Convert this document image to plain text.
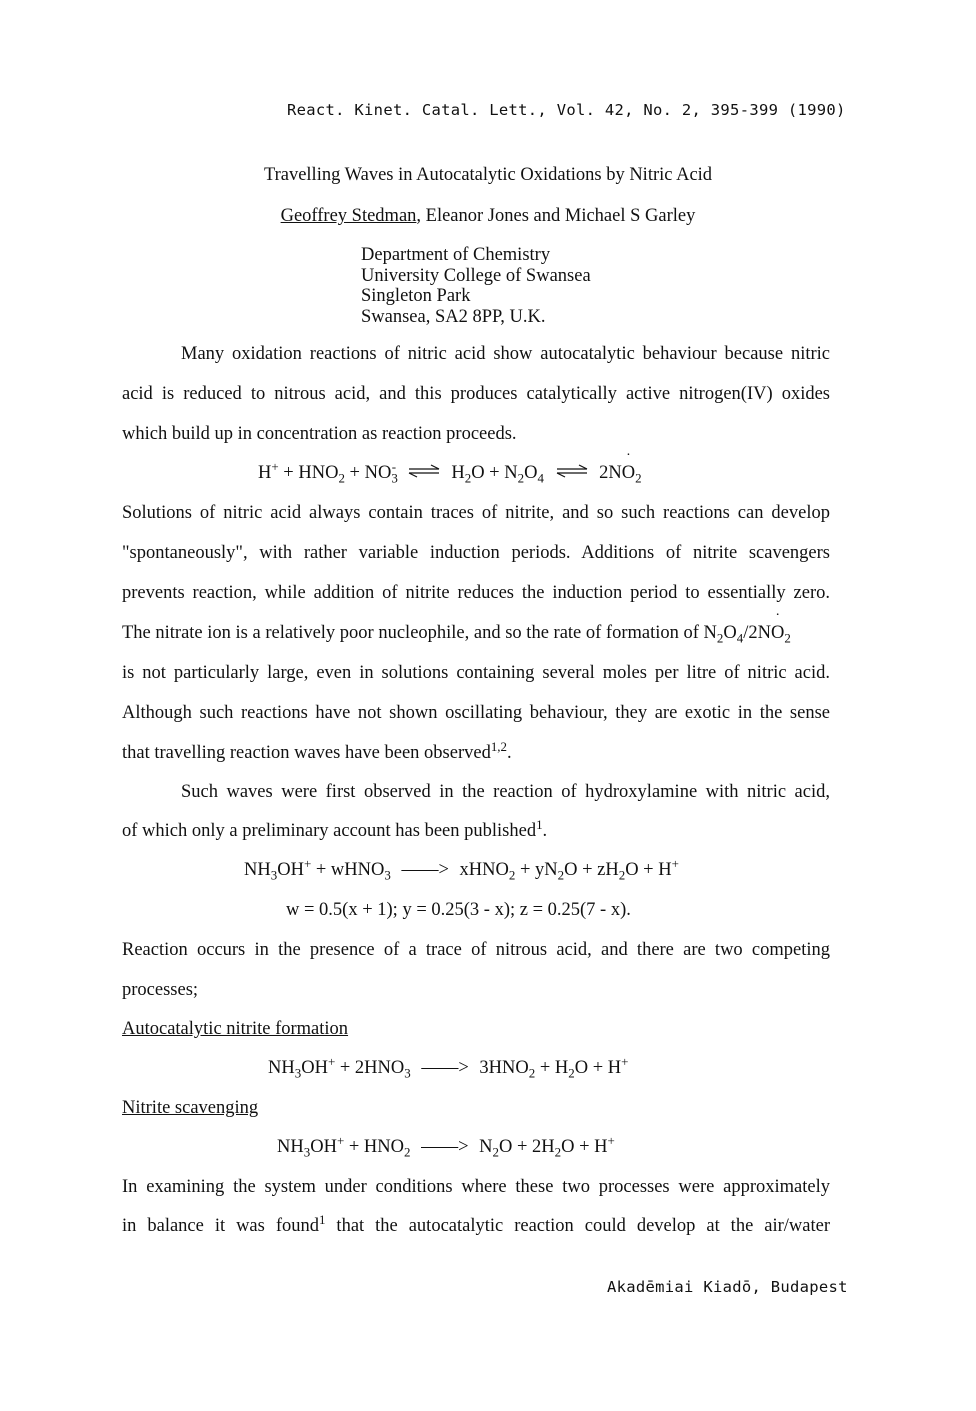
React. Kinet. Catal. Lett., Vol. 42, No. 2, 395-399 (1990)
Travelling Waves in Autocatalytic Oxidations by Nitric Acid
Geoffrey Stedman, Eleanor Jones and Michael S Garley
Department of Chemistry
University College of Swansea
Singleton Park
Swansea, SA2 8PP, U.K.
Many oxidation reactions of nitric acid show autocatalytic behaviour because nitric
acid is reduced to nitrous acid, and this produces catalytically active nitrogen(IV) oxides
which build up in concentration as reaction proceeds.
$H^+ + HNO_2 + NO_3^-$ ⇌ $H_2O + N_2O_4$ ⇌ 2NO $˙_2$
Solutions of nitric acid always contain traces of nitrite, and so such reactions can develop
"spontaneously", with rather variable induction periods. Additions of nitrite scavengers
prevents reaction, while addition of nitrite reduces the induction period to essentially zero.
The nitrate ion is a relatively poor nucleophile, and so the rate of formation of $N_2O_4/2NO$ $˙_2$
is not particularly large, even in solutions containing several moles per litre of nitric acid.
Although such reactions have not shown oscillating behaviour, they are exotic in the sense
that travelling reaction waves have been observed$^{1,2}$.
Such waves were first observed in the reaction of hydroxylamine with nitric acid,
of which only a preliminary account has been published$^1$.
$NH_3OH^+$ + wHNO$_3$ ——> xHNO$_2$ + $yN_2O + zH_2O + H^+$
w = 0.5(x + 1); y = 0.25(3 - x); z = 0.25(7 - x).
Reaction occurs in the presence of a trace of nitrous acid, and there are two competing
processes;
Autocatalytic nitrite formation
$NH_3OH^+ + 2HNO_3$ ——> $3HNO_2 + H_2O + H^+$
Nitrite scavenging
$NH_3OH^+ + HNO_2$ ——> $N_2O + 2H_2O + H^+$
In examining the system under conditions where these two processes were approximately
in balance it was found$^1$ that the autocatalytic reaction could develop at the air/water
Akadēmiai Kiadō, Budapest
